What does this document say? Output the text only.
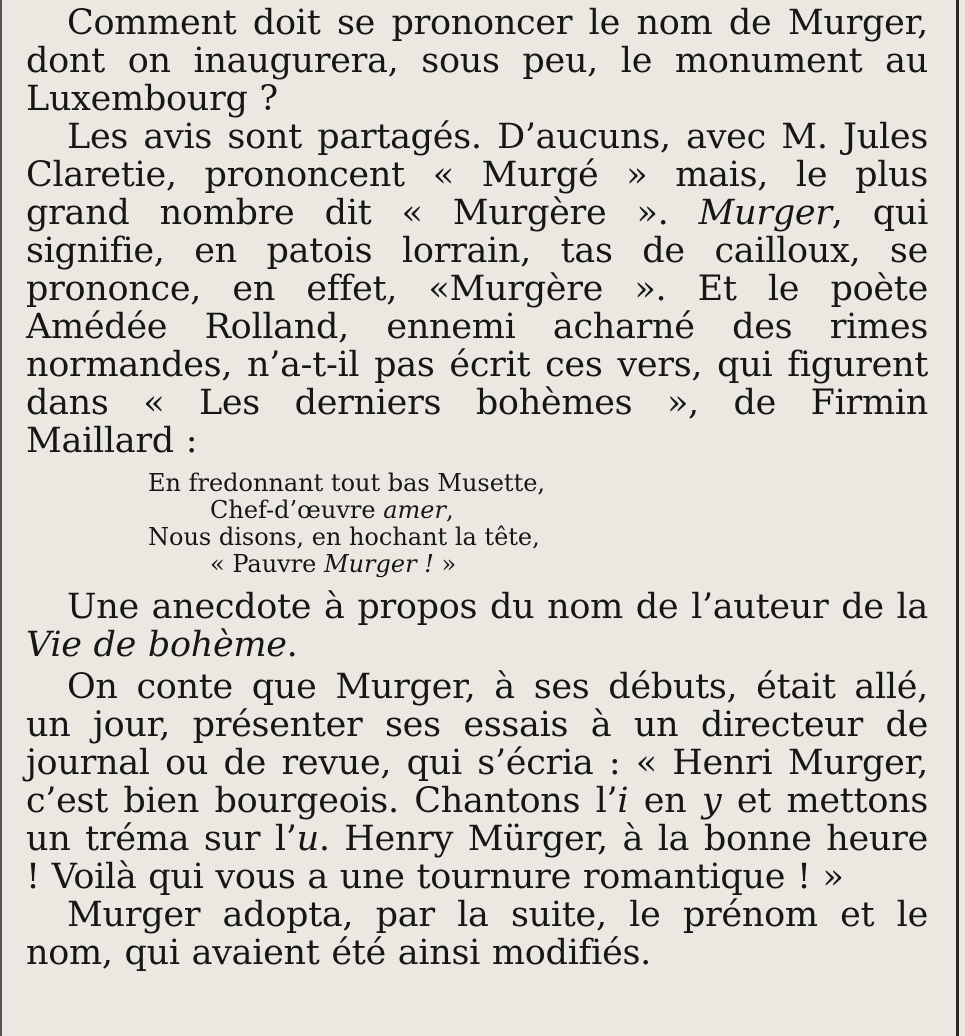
Comment doit se prononcer le nom de Murger, dont on inaugurera, sous peu, le monument au Luxembourg ?

Les avis sont partagés. D’aucuns, avec M. Jules Claretie, prononcent « Murgé » mais, le plus grand nombre dit « Murgère ». Murger, qui signifie, en patois lorrain, tas de cailloux, se prononce, en effet, «Murgère ». Et le poète Amédée Rolland, ennemi acharné des rimes normandes, n’a-t-il pas écrit ces vers, qui figurent dans « Les derniers bohèmes », de Firmin Maillard :

En fredonnant tout bas Musette,
Chef-d’œuvre amer,
Nous disons, en hochant la tête,
« Pauvre Murger ! »

Une anecdote à propos du nom de l’auteur de la Vie de bohème.

On conte que Murger, à ses débuts, était allé, un jour, présenter ses essais à un directeur de journal ou de revue, qui s’écria : « Henri Murger, c’est bien bourgeois. Chantons l’i en y et mettons un tréma sur l’u. Henry Mürger, à la bonne heure ! Voilà qui vous a une tournure romantique ! »

Murger adopta, par la suite, le prénom et le nom, qui avaient été ainsi modifiés.
